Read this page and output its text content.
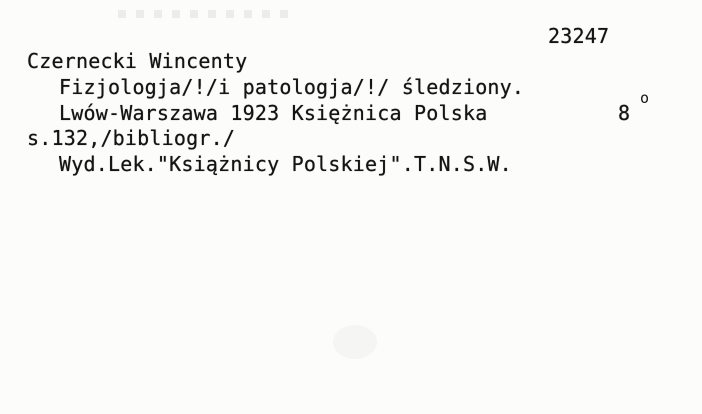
23247
Czernecki Wincenty
Fizjologja/!/i patologja/!/ śledziony.
Lwów-Warszawa 1923 Księżnica Polska	8
o
s.132,/bibliogr./
Wyd.Lek."Książnicy Polskiej".T.N.S.W.
